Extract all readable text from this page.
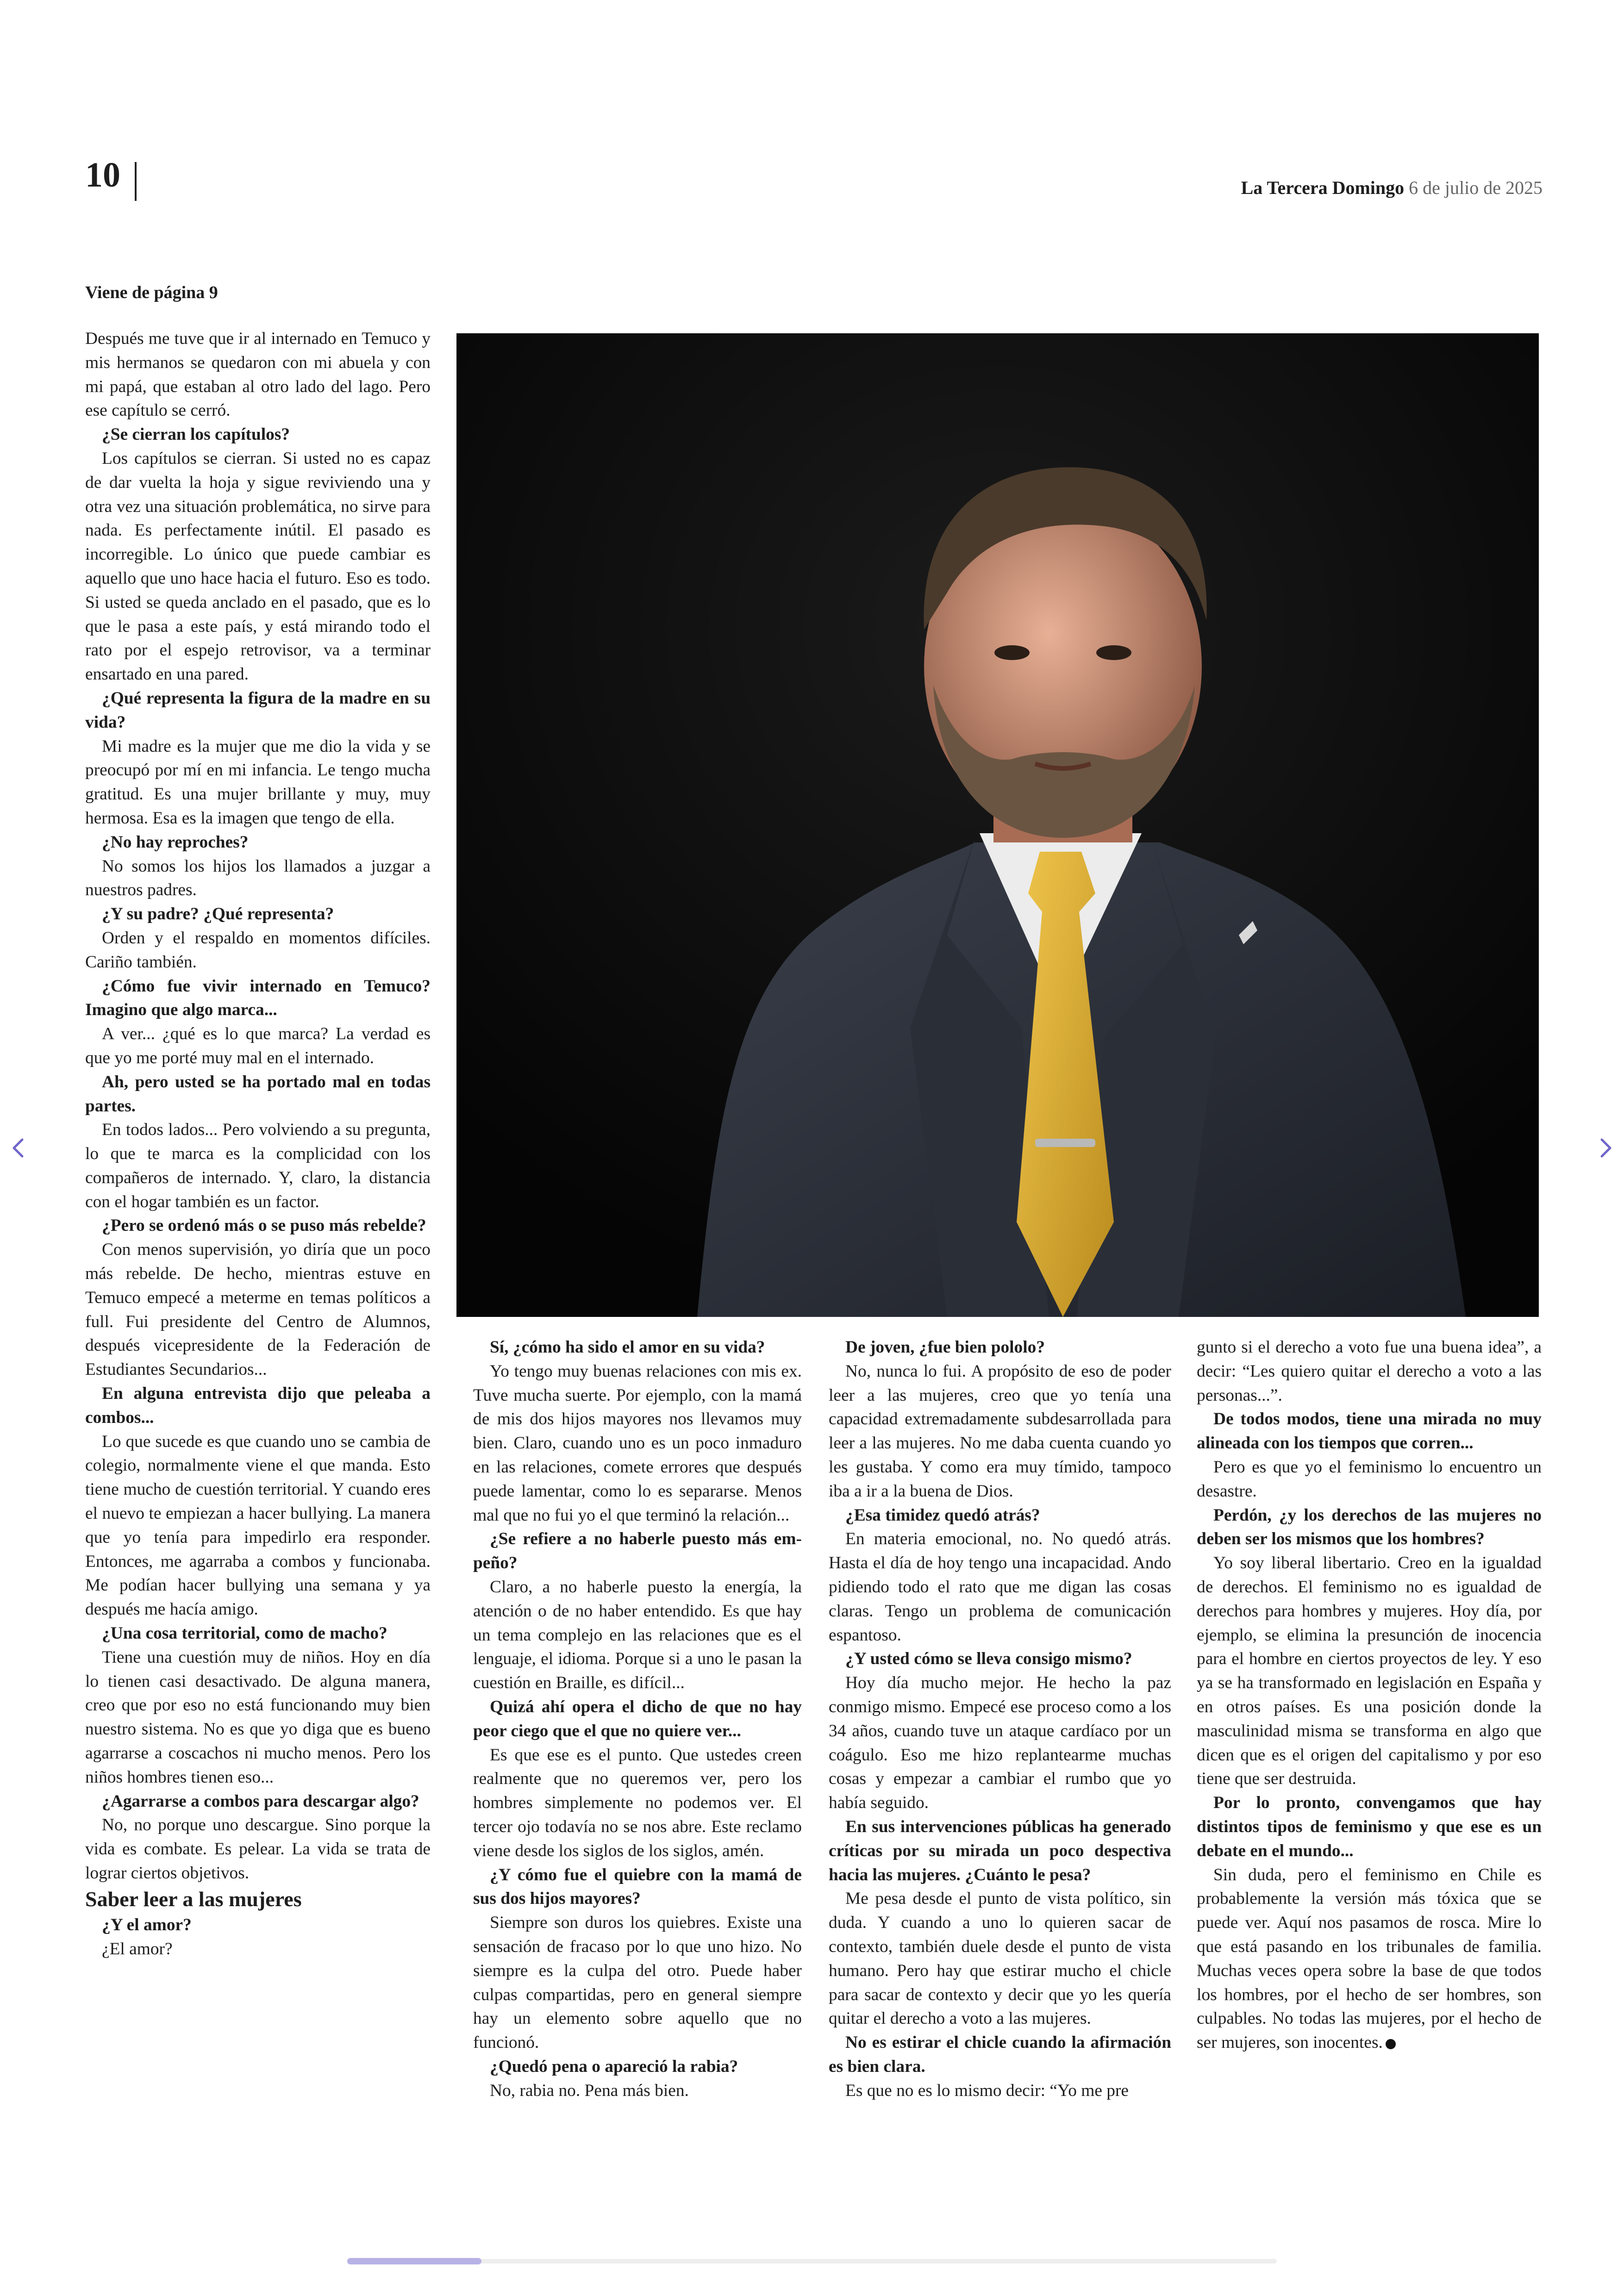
10	La Tercera Domingo 6 de julio de 2025
Viene de página 9

Después me tuve que ir al internado en Temuco y mis hermanos se quedaron con mi abuela y con mi papá, que estaban al otro lado del lago. Pero ese capítulo se cerró.

¿Se cierran los capítulos?

Los capítulos se cierran. Si usted no es capaz de dar vuelta la hoja y sigue reviviendo una y otra vez una situación problemática, no sirve para nada. Es perfectamente inútil. El pasado es incorregible. Lo único que puede cambiar es aquello que uno hace hacia el futuro. Eso es todo. Si usted se queda anclado en el pasado, que es lo que le pasa a este país, y está mirando todo el rato por el espejo retrovisor, va a terminar ensartado en una pared.

¿Qué representa la figura de la madre en su vida?

Mi madre es la mujer que me dio la vida y se preocupó por mí en mi infancia. Le tengo mucha gratitud. Es una mujer brillante y muy, muy hermosa. Esa es la imagen que tengo de ella.

¿No hay reproches?

No somos los hijos los llamados a juzgar a nuestros padres.

¿Y su padre? ¿Qué representa?

Orden y el respaldo en momentos difíciles. Cariño también.

¿Cómo fue vivir internado en Temuco? Imagino que algo marca...

A ver... ¿qué es lo que marca? La verdad es que yo me porté muy mal en el internado.

Ah, pero usted se ha portado mal en todas partes.

En todos lados... Pero volviendo a su pregunta, lo que te marca es la complicidad con los compañeros de internado. Y, claro, la distancia con el hogar también es un factor.

¿Pero se ordenó más o se puso más rebelde?

Con menos supervisión, yo diría que un poco más rebelde. De hecho, mientras estuve en Temuco empecé a meterme en temas políticos a full. Fui presidente del Centro de Alumnos, después vicepresidente de la Federación de Estudiantes Secundarios...

En alguna entrevista dijo que peleaba a combos...

Lo que sucede es que cuando uno se cambia de colegio, normalmente viene el que manda. Esto tiene mucho de cuestión territorial. Y cuando eres el nuevo te empiezan a hacer bullying. La manera que yo tenía para impedirlo era responder. Entonces, me agarraba a combos y funcionaba. Me podían hacer bullying una semana y ya después me hacía amigo.

¿Una cosa territorial, como de macho?

Tiene una cuestión muy de niños. Hoy en día lo tienen casi desactivado. De alguna manera, creo que por eso no está funcionando muy bien nuestro sistema. No es que yo diga que es bueno agarrarse a coscachos ni mucho menos. Pero los niños hombres tienen eso...

¿Agarrarse a combos para descargar algo?

No, no porque uno descargue. Sino porque la vida es combate. Es pelear. La vida se trata de lograr ciertos objetivos.

Saber leer a las mujeres

¿Y el amor?

¿El amor?

Sí, ¿cómo ha sido el amor en su vida?

Yo tengo muy buenas relaciones con mis ex. Tuve mucha suerte. Por ejemplo, con la mamá de mis dos hijos mayores nos llevamos muy bien. Claro, cuando uno es un poco inmaduro en las relaciones, comete errores que después puede lamentar, como lo es separarse. Menos mal que no fui yo el que terminó la relación...

¿Se refiere a no haberle puesto más empeño?

Claro, a no haberle puesto la energía, la atención o de no haber entendido. Es que hay un tema complejo en las relaciones que es el lenguaje, el idioma. Porque si a uno le pasan la cuestión en Braille, es difícil...

Quizá ahí opera el dicho de que no hay peor ciego que el que no quiere ver...

Es que ese es el punto. Que ustedes creen realmente que no queremos ver, pero los hombres simplemente no podemos ver. El tercer ojo todavía no se nos abre. Este reclamo viene desde los siglos de los siglos, amén.

¿Y cómo fue el quiebre con la mamá de sus dos hijos mayores?

Siempre son duros los quiebres. Existe una sensación de fracaso por lo que uno hizo. No siempre es la culpa del otro. Puede haber culpas compartidas, pero en general siempre hay un elemento sobre aquello que no funcionó.

¿Quedó pena o apareció la rabia?

No, rabia no. Pena más bien.

De joven, ¿fue bien pololo?

No, nunca lo fui. A propósito de eso de poder leer a las mujeres, creo que yo tenía una capacidad extremadamente subdesarrollada para leer a las mujeres. No me daba cuenta cuando yo les gustaba. Y como era muy tímido, tampoco iba a ir a la buena de Dios.

¿Esa timidez quedó atrás?

En materia emocional, no. No quedó atrás. Hasta el día de hoy tengo una incapacidad. Ando pidiendo todo el rato que me digan las cosas claras. Tengo un problema de comunicación espantoso.

¿Y usted cómo se lleva consigo mismo?

Hoy día mucho mejor. He hecho la paz conmigo mismo. Empecé ese proceso como a los 34 años, cuando tuve un ataque cardíaco por un coágulo. Eso me hizo replantearme muchas cosas y empezar a cambiar el rumbo que yo había seguido.

En sus intervenciones públicas ha generado críticas por su mirada un poco despectiva hacia las mujeres. ¿Cuánto le pesa?

Me pesa desde el punto de vista político, sin duda. Y cuando a uno lo quieren sacar de contexto, también duele desde el punto de vista humano. Pero hay que estirar mucho el chicle para sacar de contexto y decir que yo les quería quitar el derecho a voto a las mujeres.

No es estirar el chicle cuando la afirmación es bien clara.

Es que no es lo mismo decir: “Yo me pre

gunto si el derecho a voto fue una buena idea”, a decir: “Les quiero quitar el derecho a voto a las personas...”.

De todos modos, tiene una mirada no muy alineada con los tiempos que corren...

Pero es que yo el feminismo lo encuentro un desastre.

Perdón, ¿y los derechos de las mujeres no deben ser los mismos que los hombres?

Yo soy liberal libertario. Creo en la igualdad de derechos. El feminismo no es igualdad de derechos para hombres y mujeres. Hoy día, por ejemplo, se elimina la presunción de inocencia para el hombre en ciertos proyectos de ley. Y eso ya se ha transformado en legislación en España y en otros países. Es una posición donde la masculinidad misma se transforma en algo que dicen que es el origen del capitalismo y por eso tiene que ser destruida.

Por lo pronto, convengamos que hay distintos tipos de feminismo y que ese es un debate en el mundo...

Sin duda, pero el feminismo en Chile es probablemente la versión más tóxica que se puede ver. Aquí nos pasamos de rosca. Mire lo que está pasando en los tribunales de familia. Muchas veces opera sobre la base de que todos los hombres, por el hecho de ser hombres, son culpables. No todas las mujeres, por el hecho de ser mujeres, son inocentes.
